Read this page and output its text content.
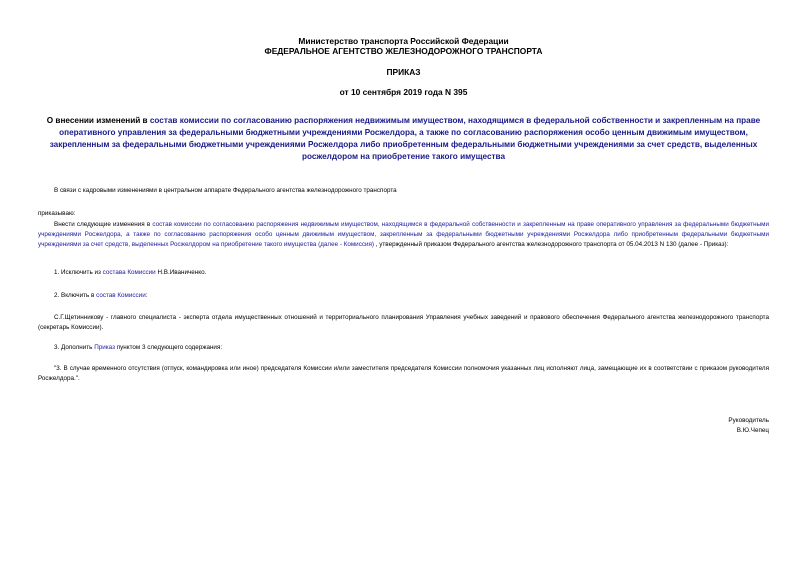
Министерство транспорта Российской Федерации
ФЕДЕРАЛЬНОЕ АГЕНТСТВО ЖЕЛЕЗНОДОРОЖНОГО ТРАНСПОРТА
ПРИКАЗ
от 10 сентября 2019 года N 395
О внесении изменений в состав комиссии по согласованию распоряжения недвижимым имуществом, находящимся в федеральной собственности и закрепленным на праве оперативного управления за федеральными бюджетными учреждениями Росжелдора, а также по согласованию распоряжения особо ценным движимым имуществом, закрепленным за федеральными бюджетными учреждениями Росжелдора либо приобретенным федеральными бюджетными учреждениями за счет средств, выделенных росжелдором на приобретение такого имущества
В связи с кадровыми изменениями в центральном аппарате Федерального агентства железнодорожного транспорта
приказываю:
Внести следующие изменения в состав комиссии по согласованию распоряжения недвижимым имуществом, находящимся в федеральной собственности и закрепленным на праве оперативного управления за федеральными бюджетными учреждениями Росжелдора, а также по согласованию распоряжения особо ценным движимым имуществом, закрепленным за федеральными бюджетными учреждениями Росжелдора либо приобретенным федеральными бюджетными учреждениями за счет средств, выделенных Росжелдором на приобретение такого имущества (далее - Комиссия) , утвержденный приказом Федерального агентства железнодорожного транспорта от 05.04.2013 N 130 (далее - Приказ):
1. Исключить из состава Комиссии Н.В.Иваниченко.
2. Включить в состав Комиссии:
С.Г.Щетинникову - главного специалиста - эксперта отдела имущественных отношений и территориального планирования Управления учебных заведений и правового обеспечения Федерального агентства железнодорожного транспорта (секретарь Комиссии).
3. Дополнить Приказ пунктом 3 следующего содержания:
"3. В случае временного отсутствия (отпуск, командировка или иное) председателя Комиссии и/или заместителя председателя Комиссии полномочия указанных лиц исполняют лица, замещающие их в соответствии с приказом руководителя Росжелдора.".
Руководитель
В.Ю.Чепец
